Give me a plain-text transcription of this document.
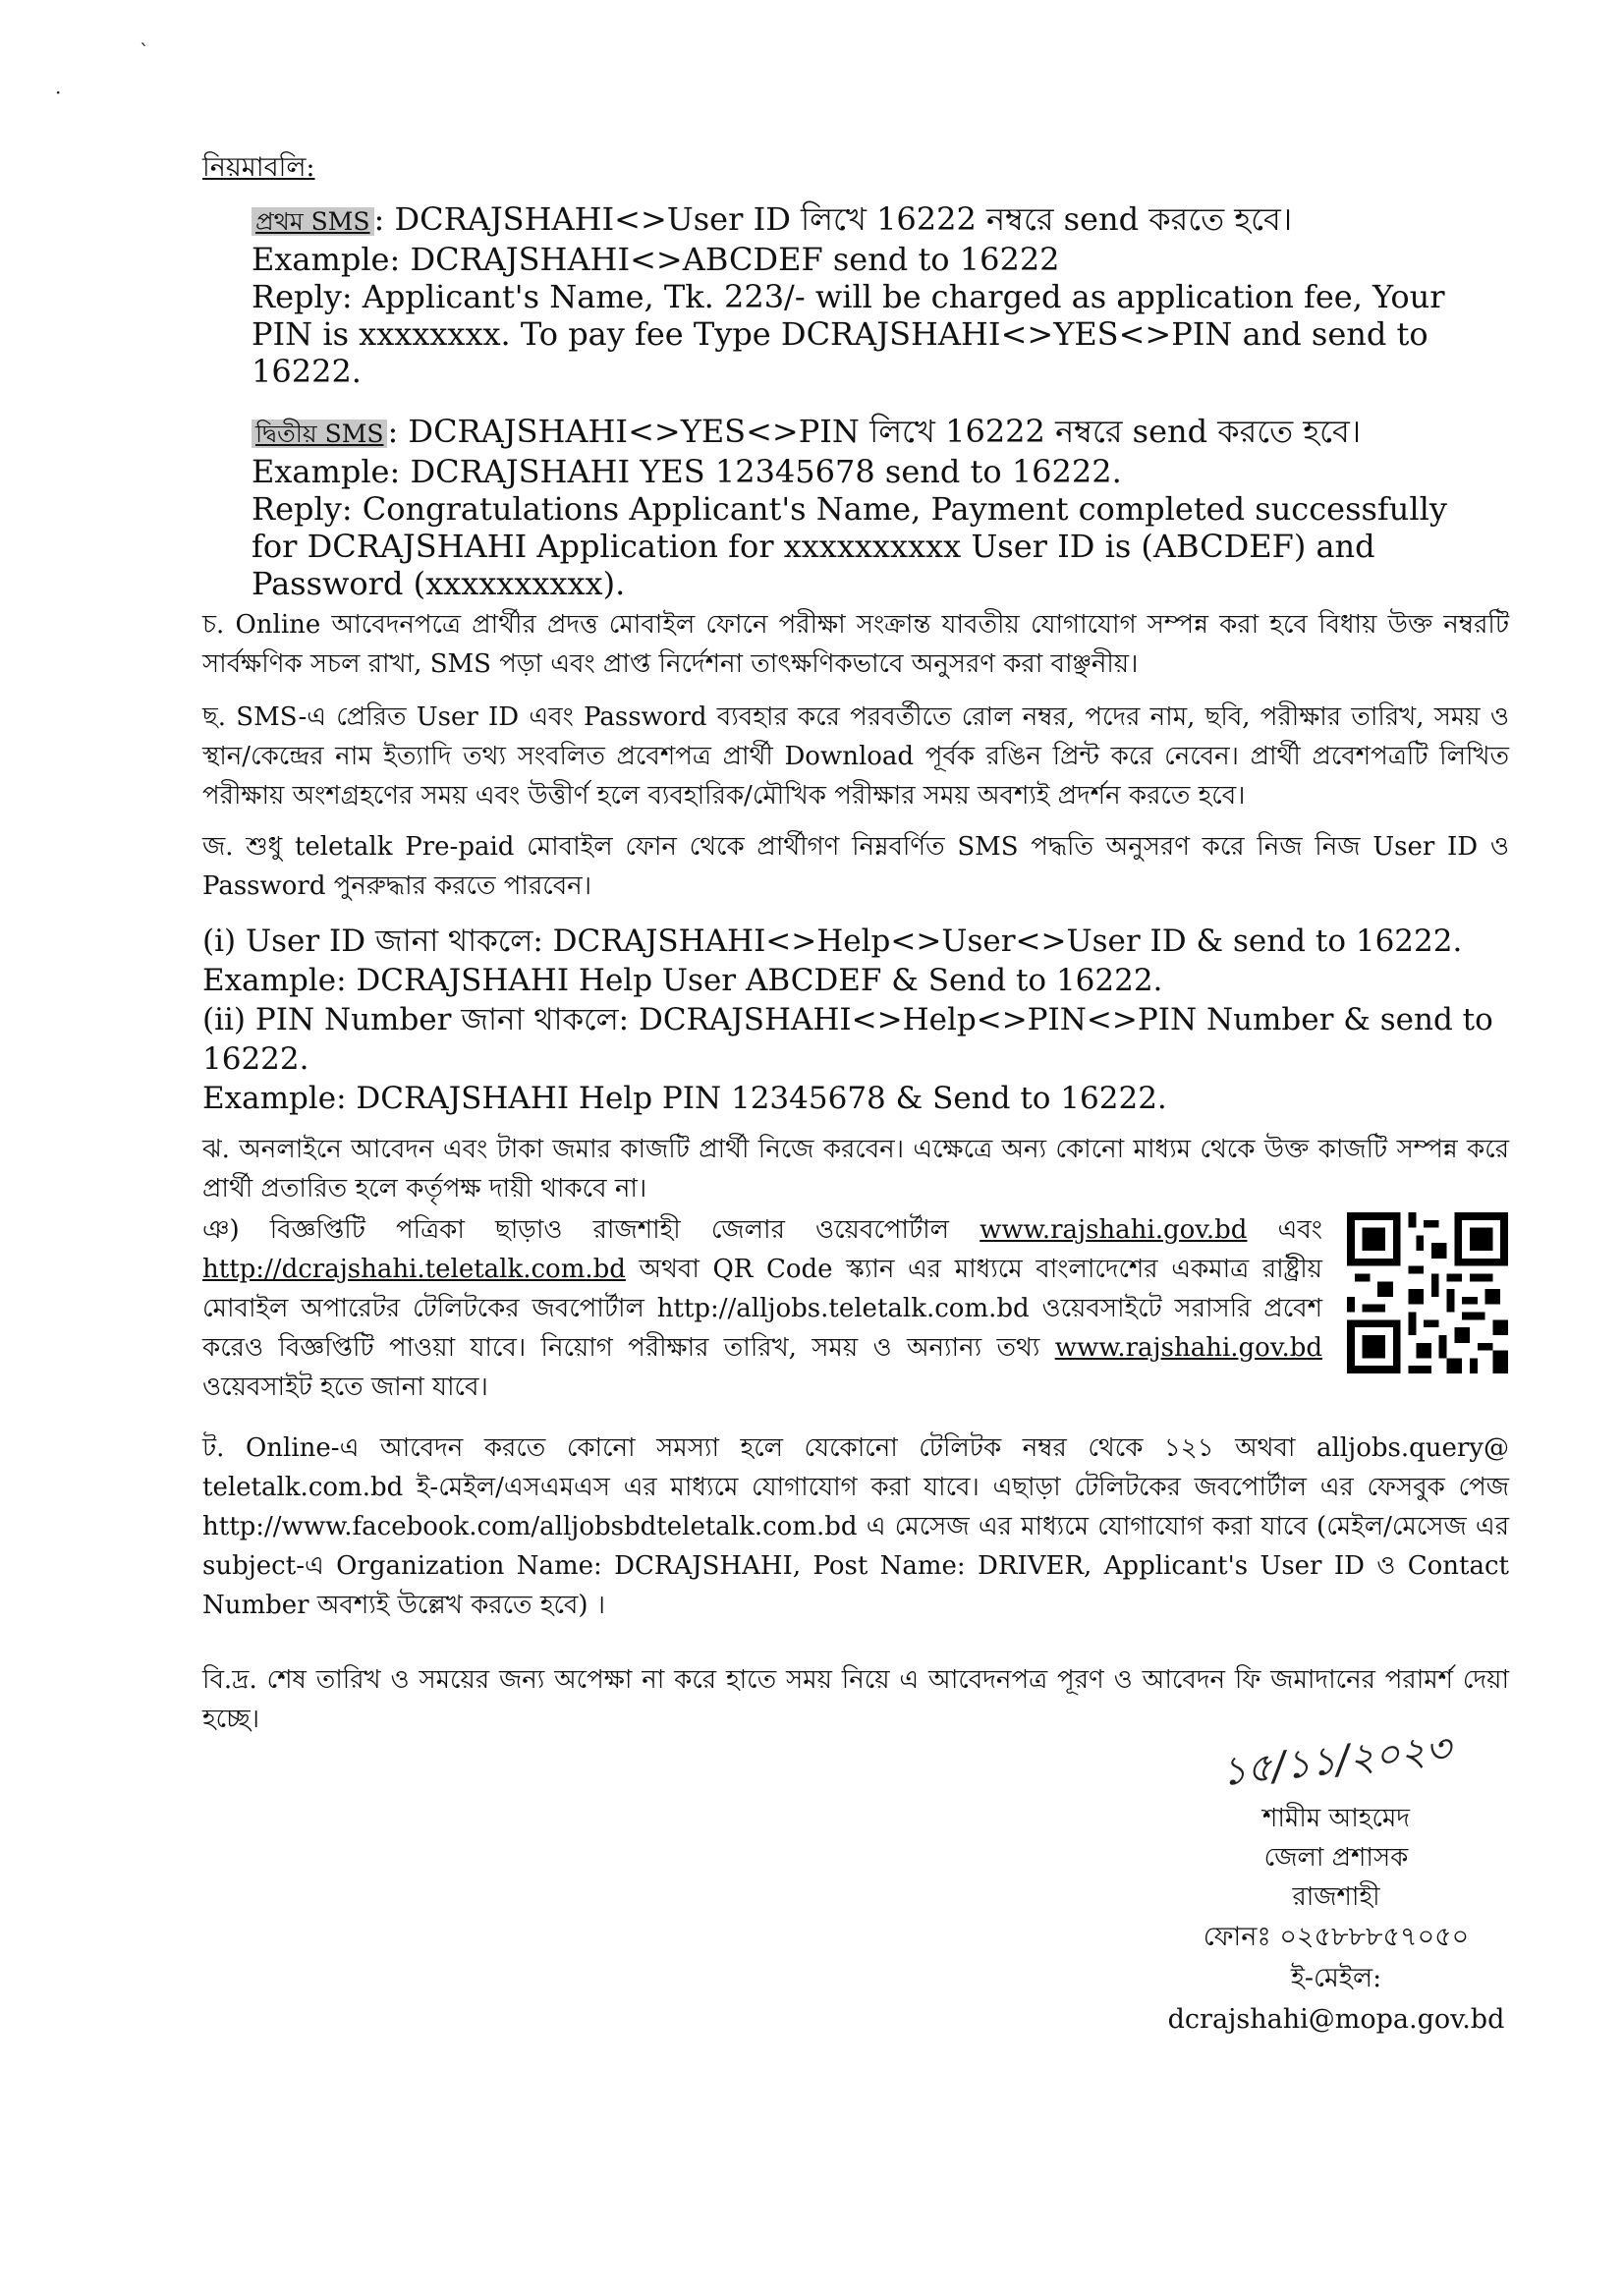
`
·
নিয়মাবলি:
প্রথম SMS : DCRAJSHAHI<>User ID লিখে 16222 নম্বরে send করতে হবে।
Example: DCRAJSHAHI<>ABCDEF send to 16222
Reply: Applicant's Name, Tk. 223/- will be charged as application fee, Your PIN is xxxxxxxx. To pay fee Type DCRAJSHAHI<>YES<>PIN and send to 16222.
দ্বিতীয় SMS : DCRAJSHAHI<>YES<>PIN লিখে 16222 নম্বরে send করতে হবে।
Example: DCRAJSHAHI YES 12345678 send to 16222.
Reply: Congratulations Applicant's Name, Payment completed successfully for DCRAJSHAHI Application for xxxxxxxxxx User ID is (ABCDEF) and Password (xxxxxxxxxx).
চ. Online আবেদনপত্রে প্রার্থীর প্রদত্ত মোবাইল ফোনে পরীক্ষা সংক্রান্ত যাবতীয় যোগাযোগ সম্পন্ন করা হবে বিধায় উক্ত নম্বরটি সার্বক্ষণিক সচল রাখা, SMS পড়া এবং প্রাপ্ত নির্দেশনা তাৎক্ষণিকভাবে অনুসরণ করা বাঞ্ছনীয়।
ছ. SMS-এ প্রেরিত User ID এবং Password ব্যবহার করে পরবর্তীতে রোল নম্বর, পদের নাম, ছবি, পরীক্ষার তারিখ, সময় ও স্থান/কেন্দ্রের নাম ইত্যাদি তথ্য সংবলিত প্রবেশপত্র প্রার্থী Download পূর্বক রঙিন প্রিন্ট করে নেবেন। প্রার্থী প্রবেশপত্রটি লিখিত পরীক্ষায় অংশগ্রহণের সময় এবং উত্তীর্ণ হলে ব্যবহারিক/মৌখিক পরীক্ষার সময় অবশ্যই প্রদর্শন করতে হবে।
জ. শুধু teletalk Pre-paid মোবাইল ফোন থেকে প্রার্থীগণ নিম্নবর্ণিত SMS পদ্ধতি অনুসরণ করে নিজ নিজ User ID ও Password পুনরুদ্ধার করতে পারবেন।
(i) User ID জানা থাকলে: DCRAJSHAHI<>Help<>User<>User ID & send to 16222.
Example: DCRAJSHAHI Help User ABCDEF & Send to 16222.
(ii) PIN Number জানা থাকলে: DCRAJSHAHI<>Help<>PIN<>PIN Number & send to 16222.
Example: DCRAJSHAHI Help PIN 12345678 & Send to 16222.
ঝ. অনলাইনে আবেদন এবং টাকা জমার কাজটি প্রার্থী নিজে করবেন। এক্ষেত্রে অন্য কোনো মাধ্যম থেকে উক্ত কাজটি সম্পন্ন করে প্রার্থী প্রতারিত হলে কর্তৃপক্ষ দায়ী থাকবে না।
ঞ) বিজ্ঞপ্তিটি পত্রিকা ছাড়াও রাজশাহী জেলার ওয়েবপোর্টাল www.rajshahi.gov.bd এবং http://dcrajshahi.teletalk.com.bd অথবা QR Code স্ক্যান এর মাধ্যমে বাংলাদেশের একমাত্র রাষ্ট্রীয় মোবাইল অপারেটর টেলিটকের জবপোর্টাল http://alljobs.teletalk.com.bd ওয়েবসাইটে সরাসরি প্রবেশ করেও বিজ্ঞপ্তিটি পাওয়া যাবে। নিয়োগ পরীক্ষার তারিখ, সময় ও অন্যান্য তথ্য www.rajshahi.gov.bd ওয়েবসাইট হতে জানা যাবে।
ট. Online-এ আবেদন করতে কোনো সমস্যা হলে যেকোনো টেলিটক নম্বর থেকে ১২১ অথবা alljobs.query@ teletalk.com.bd ই-মেইল/এসএমএস এর মাধ্যমে যোগাযোগ করা যাবে। এছাড়া টেলিটকের জবপোর্টাল এর ফেসবুক পেজ http://www.facebook.com/alljobsbdteletalk.com.bd এ মেসেজ এর মাধ্যমে যোগাযোগ করা যাবে (মেইল/মেসেজ এর subject-এ Organization Name: DCRAJSHAHI, Post Name: DRIVER, Applicant's User ID ও Contact Number অবশ্যই উল্লেখ করতে হবে) ।
বি.দ্র. শেষ তারিখ ও সময়ের জন্য অপেক্ষা না করে হাতে সময় নিয়ে এ আবেদনপত্র পূরণ ও আবেদন ফি জমাদানের পরামর্শ দেয়া হচ্ছে।
১৫/১১/২০২৩
শামীম আহমেদ
জেলা প্রশাসক
রাজশাহী
ফোনঃ ০২৫৮৮৮৫৭০৫০
ই-মেইল: dcrajshahi@mopa.gov.bd
